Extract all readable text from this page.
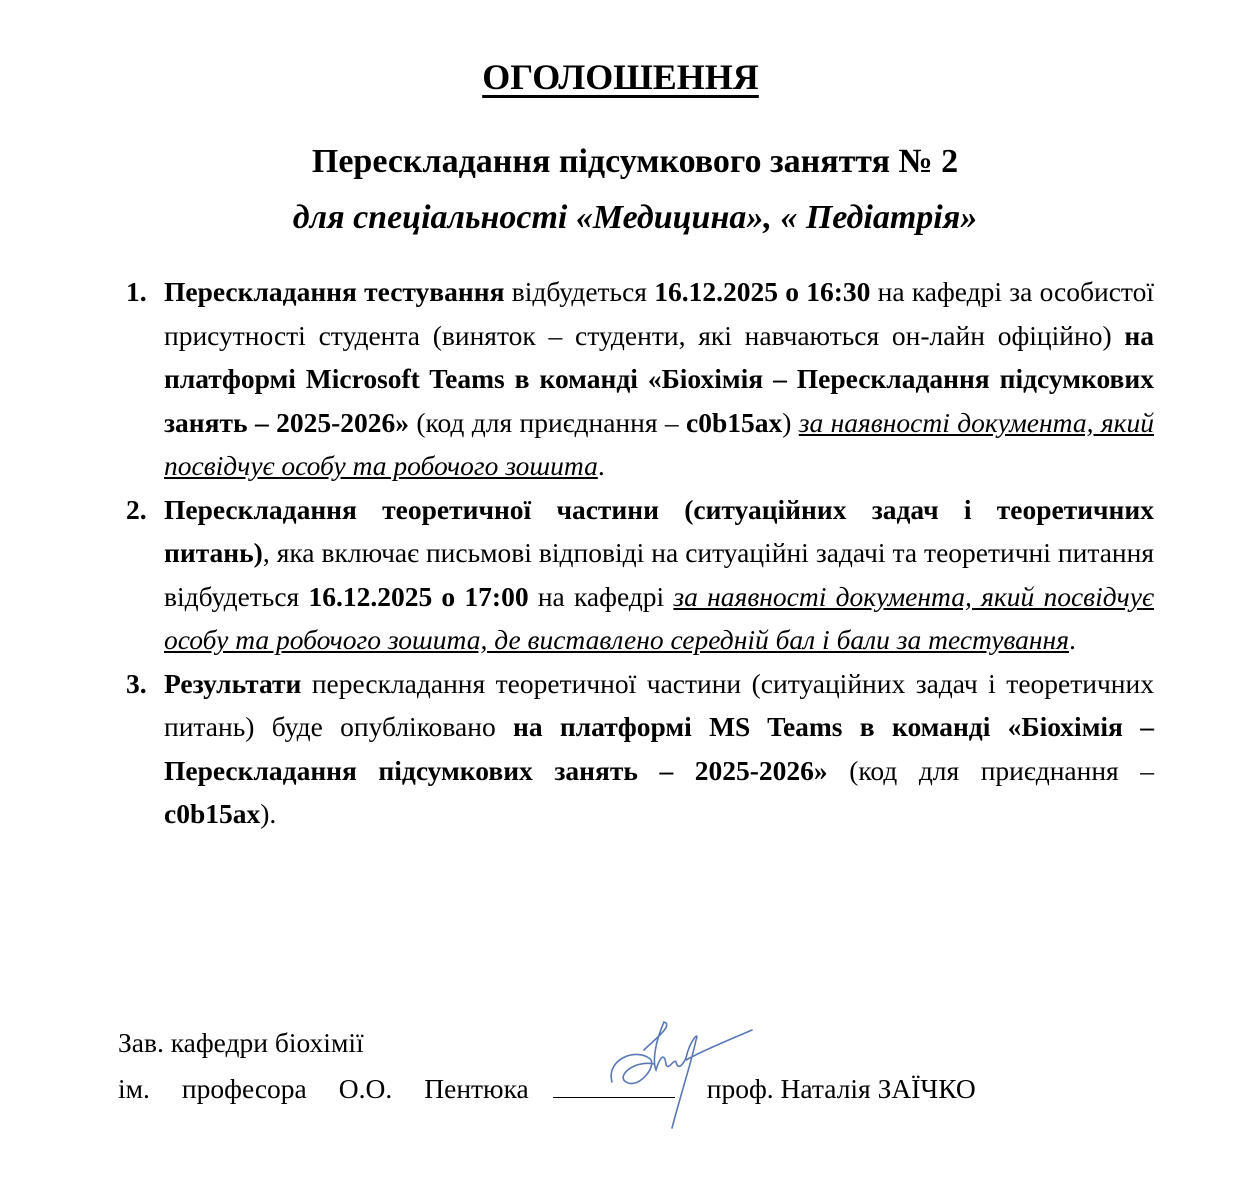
ОГОЛОШЕННЯ
Перескладання підсумкового заняття № 2
для спеціальності «Медицина», « Педіатрія»
1. Перескладання тестування відбудеться 16.12.2025 о 16:30 на кафедрі за особистої присутності студента (виняток – студенти, які навчаються он-лайн офіційно) на платформі Microsoft Teams в команді «Біохімія – Перескладання підсумкових занять – 2025-2026» (код для приєднання – c0b15ax) за наявності документа, який посвідчує особу та робочого зошита.
2. Перескладання теоретичної частини (ситуаційних задач і теоретичних питань), яка включає письмові відповіді на ситуаційні задачі та теоретичні питання відбудеться 16.12.2025 о 17:00 на кафедрі за наявності документа, який посвідчує особу та робочого зошита, де виставлено середній бал і бали за тестування.
3. Результати перескладання теоретичної частини (ситуаційних задач і теоретичних питань) буде опубліковано на платформі MS Teams в команді «Біохімія – Перескладання підсумкових занять – 2025-2026» (код для приєднання – c0b15ax).
Зав. кафедри біохімії
ім. професора О.О. Пентюка	проф. Наталія ЗАЇЧКО
